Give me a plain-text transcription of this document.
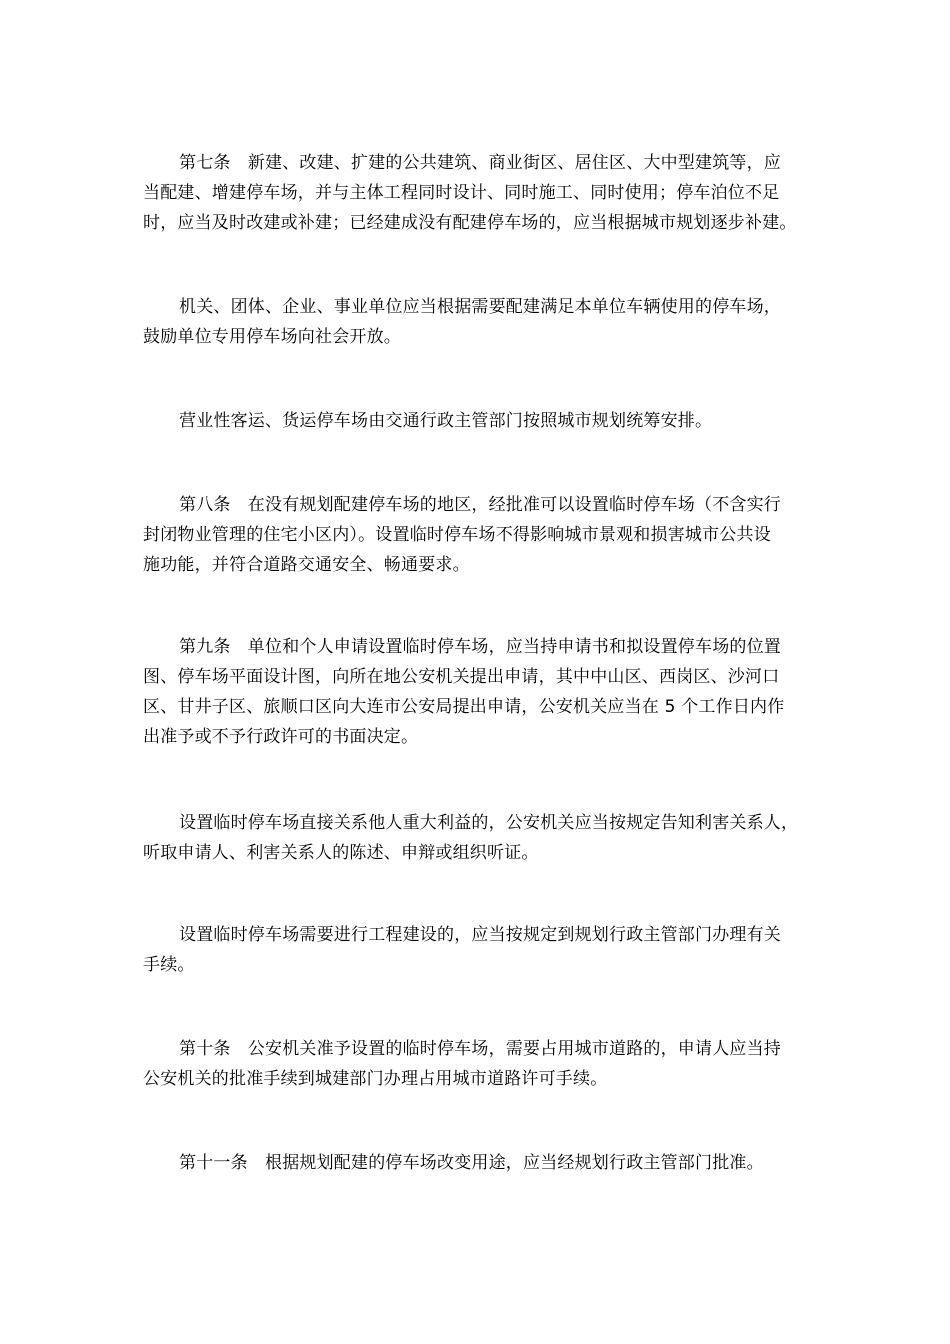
第七条　新建、改建、扩建的公共建筑、商业街区、居住区、大中型建筑等，应
当配建、增建停车场，并与主体工程同时设计、同时施工、同时使用；停车泊位不足
时，应当及时改建或补建；已经建成没有配建停车场的，应当根据城市规划逐步补建。

机关、团体、企业、事业单位应当根据需要配建满足本单位车辆使用的停车场，
鼓励单位专用停车场向社会开放。

营业性客运、货运停车场由交通行政主管部门按照城市规划统筹安排。

第八条　在没有规划配建停车场的地区，经批准可以设置临时停车场（不含实行
封闭物业管理的住宅小区内）。设置临时停车场不得影响城市景观和损害城市公共设
施功能，并符合道路交通安全、畅通要求。

第九条　单位和个人申请设置临时停车场，应当持申请书和拟设置停车场的位置
图、停车场平面设计图，向所在地公安机关提出申请，其中中山区、西岗区、沙河口
区、甘井子区、旅顺口区向大连市公安局提出申请，公安机关应当在 5 个工作日内作
出准予或不予行政许可的书面决定。

设置临时停车场直接关系他人重大利益的，公安机关应当按规定告知利害关系人，
听取申请人、利害关系人的陈述、申辩或组织听证。

设置临时停车场需要进行工程建设的，应当按规定到规划行政主管部门办理有关
手续。

第十条　公安机关准予设置的临时停车场，需要占用城市道路的，申请人应当持
公安机关的批准手续到城建部门办理占用城市道路许可手续。

第十一条　根据规划配建的停车场改变用途，应当经规划行政主管部门批准。
